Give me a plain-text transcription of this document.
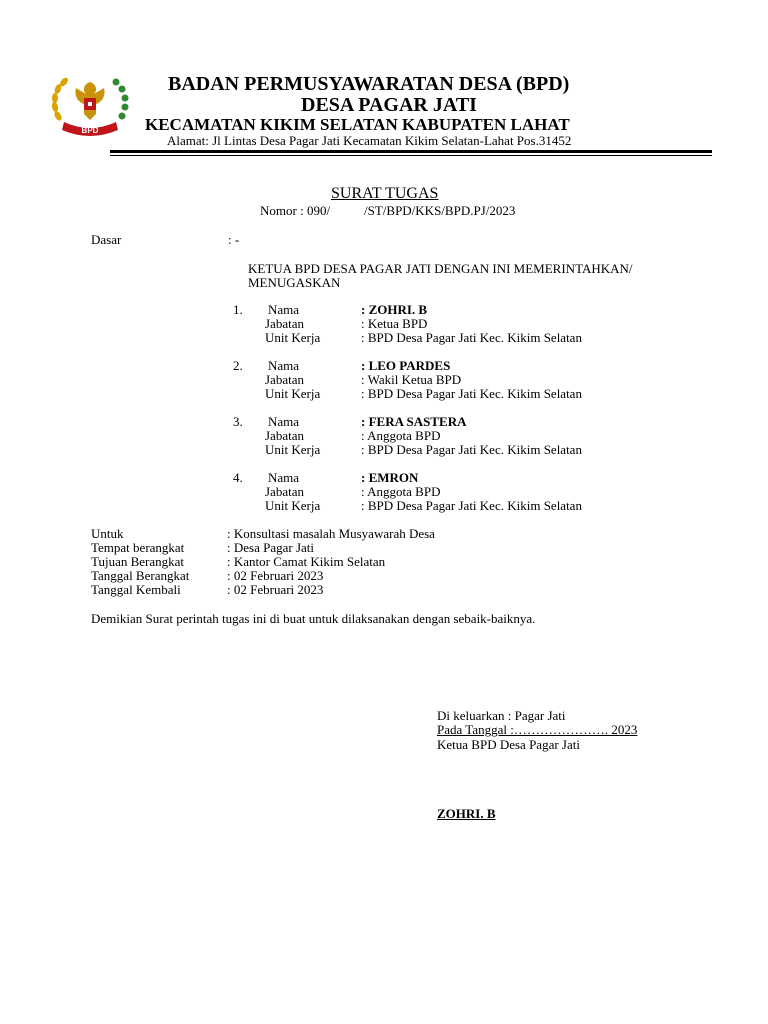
BPD
BADAN PERMUSYAWARATAN DESA (BPD)
DESA PAGAR JATI
KECAMATAN KIKIM SELATAN KABUPATEN LAHAT
Alamat: Jl Lintas Desa Pagar Jati Kecamatan Kikim Selatan-Lahat Pos.31452
SURAT TUGAS
Nomor : 090/	/ST/BPD/KKS/BPD.PJ/2023
Dasar	: -
KETUA BPD DESA PAGAR JATI DENGAN INI MEMERINTAHKAN/
MENUGASKAN
1. Nama	: ZOHRI. B
Jabatan	: Ketua BPD
Unit Kerja	: BPD Desa Pagar Jati Kec. Kikim Selatan
2. Nama	: LEO PARDES
Jabatan	: Wakil Ketua BPD
Unit Kerja	: BPD Desa Pagar Jati Kec. Kikim Selatan
3. Nama	: FERA SASTERA
Jabatan	: Anggota BPD
Unit Kerja	: BPD Desa Pagar Jati Kec. Kikim Selatan
4. Nama	: EMRON
Jabatan	: Anggota BPD
Unit Kerja	: BPD Desa Pagar Jati Kec. Kikim Selatan
Untuk	: Konsultasi masalah Musyawarah Desa
Tempat berangkat	: Desa Pagar Jati
Tujuan Berangkat	: Kantor Camat Kikim Selatan
Tanggal Berangkat	: 02 Februari 2023
Tanggal Kembali	: 02 Februari 2023
Demikian Surat perintah tugas ini di buat untuk dilaksanakan dengan sebaik-baiknya.
Di keluarkan : Pagar Jati
Pada Tanggal :…………………. 2023
Ketua BPD Desa Pagar Jati
ZOHRI. B
